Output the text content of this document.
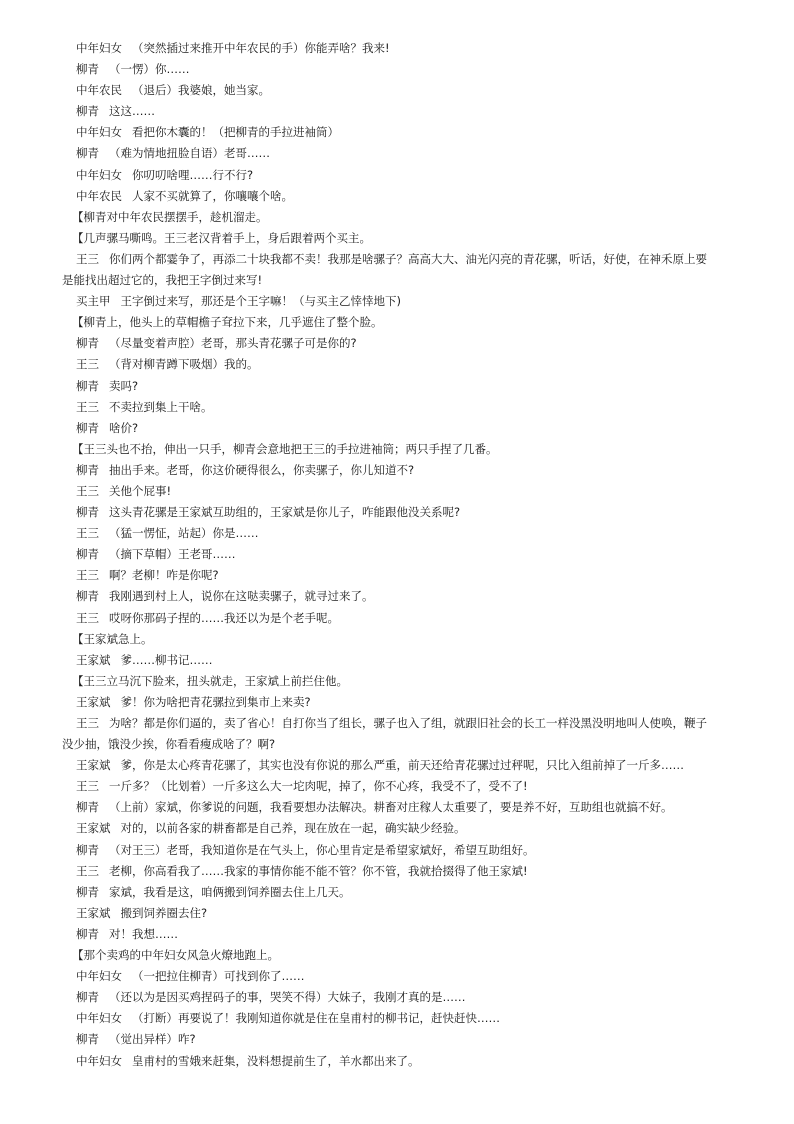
中年妇女 （突然插过来推开中年农民的手）你能弄啥？我来!
柳青 （一愣）你……
中年农民 （退后）我婆娘，她当家。
柳青 这这……
中年妇女 看把你木囊的！（把柳青的手拉进袖筒）
柳青 （难为情地扭脸自语）老哥……
中年妇女 你叨叨啥哩……行不行?
中年农民 人家不买就算了，你嚷嚷个啥。
【柳青对中年农民摆摆手，趁机溜走。
【几声骡马嘶鸣。王三老汉背着手上，身后跟着两个买主。
王三 你们两个都霎争了，再添二十块我都不卖！我那是啥骡子？高高大大、油光闪亮的青花骡，听话，好使，在神禾原上要
是能找出超过它的，我把王字倒过来写!
买主甲 王字倒过来写，那还是个王字嘛！（与买主乙悻悻地下)
【柳青上，他头上的草帽檐子耷拉下来，几乎遮住了整个脸。
柳青 （尽量变着声腔）老哥，那头青花骡子可是你的?
王三 （背对柳青蹲下吸烟）我的。
柳青 卖吗?
王三 不卖拉到集上干啥。
柳青 啥价?
【王三头也不抬，伸出一只手，柳青会意地把王三的手拉进袖筒；两只手捏了几番。
柳青 抽出手来。老哥，你这价硬得很么，你卖骡子，你儿知道不?
王三 关他个屁事!
柳青 这头青花骡是王家斌互助组的，王家斌是你儿子，咋能跟他没关系呢?
王三 （猛一愣怔，站起）你是……
柳青 （摘下草帽）王老哥……
王三 啊？老柳！咋是你呢?
柳青 我刚遇到村上人，说你在这哒卖骡子，就寻过来了。
王三 哎呀你那码子捏的……我还以为是个老手呢。
【王家斌急上。
王家斌 爹……柳书记……
【王三立马沉下脸来，扭头就走，王家斌上前拦住他。
王家斌 爹！你为啥把青花骡拉到集市上来卖?
王三 为啥？都是你们逼的，卖了省心！自打你当了组长，骡子也入了组，就跟旧社会的长工一样没黑没明地叫人使唤，鞭子
没少抽，饿没少挨，你看看瘦成啥了？啊?
王家斌 爹，你是太心疼青花骡了，其实也没有你说的那么严重，前天还给青花骡过过秤呢，只比入组前掉了一斤多……
王三 一斤多？（比划着）一斤多这么大一坨肉呢，掉了，你不心疼，我受不了，受不了!
柳青 （上前）家斌，你爹说的问题，我看要想办法解决。耕畜对庄稼人太重要了，要是养不好，互助组也就搞不好。
王家斌 对的，以前各家的耕畜都是自己养，现在放在一起，确实缺少经验。
柳青 （对王三）老哥，我知道你是在气头上，你心里肯定是希望家斌好，希望互助组好。
王三 老柳，你高看我了……我家的事情你能不能不管？你不管，我就拾掇得了他王家斌!
柳青 家斌，我看是这，咱俩搬到饲养圈去住上几天。
王家斌 搬到饲养圈去住?
柳青 对！我想……
【那个卖鸡的中年妇女风急火燎地跑上。
中年妇女 （一把拉住柳青）可找到你了……
柳青 （还以为是因买鸡捏码子的事，哭笑不得）大妹子，我刚才真的是……
中年妇女 （打断）再要说了！我刚知道你就是住在皇甫村的柳书记，赶快赶快……
柳青 （觉出异样）咋?
中年妇女 皇甫村的雪娥来赶集，没料想提前生了，羊水都出来了。
